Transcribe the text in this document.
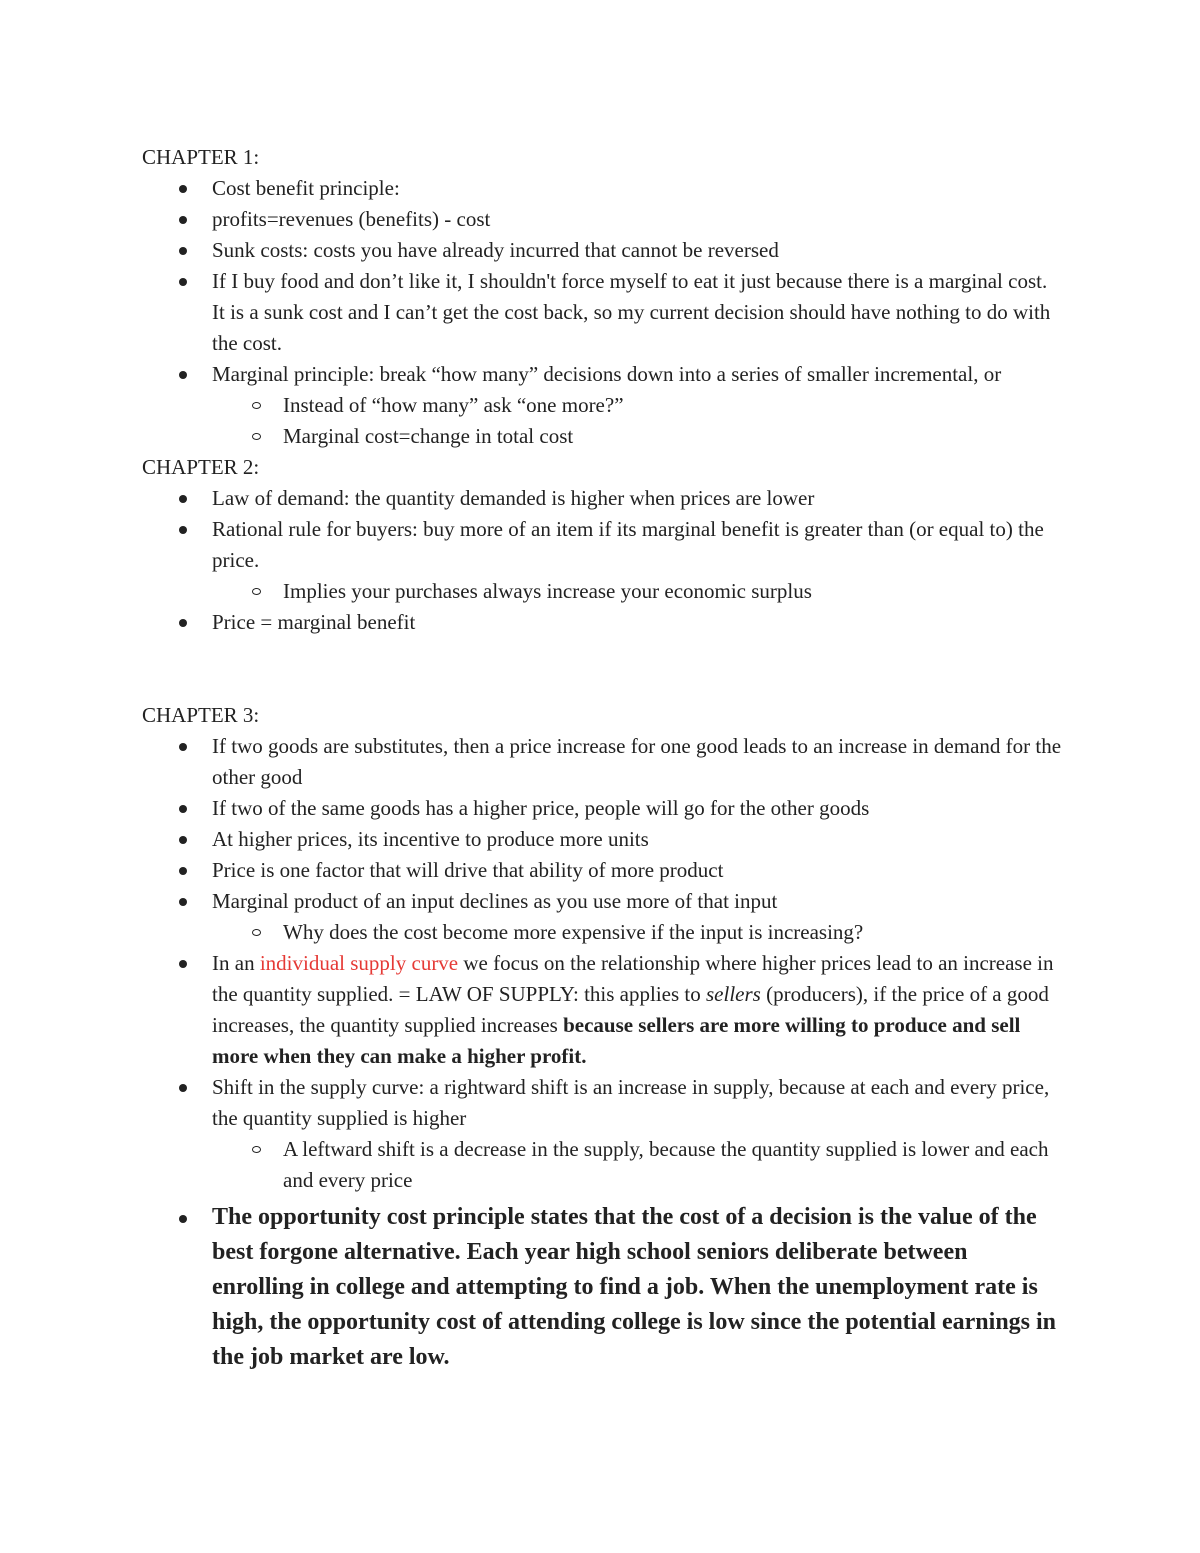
CHAPTER 1:

Cost benefit principle:
profits=revenues (benefits) - cost
Sunk costs: costs you have already incurred that cannot be reversed
If I buy food and don’t like it, I shouldn't force myself to eat it just because there is a marginal cost. It is a sunk cost and I can’t get the cost back, so my current decision should have nothing to do with the cost.
Marginal principle: break “how many” decisions down into a series of smaller incremental, or
Instead of “how many” ask “one more?”
Marginal cost=change in total cost

CHAPTER 2:

Law of demand: the quantity demanded is higher when prices are lower
Rational rule for buyers: buy more of an item if its marginal benefit is greater than (or equal to) the price.
Implies your purchases always increase your economic surplus
Price = marginal benefit

CHAPTER 3:

If two goods are substitutes, then a price increase for one good leads to an increase in demand for the other good
If two of the same goods has a higher price, people will go for the other goods
At higher prices, its incentive to produce more units
Price is one factor that will drive that ability of more product
Marginal product of an input declines as you use more of that input
Why does the cost become more expensive if the input is increasing?
In an individual supply curve we focus on the relationship where higher prices lead to an increase in the quantity supplied. = LAW OF SUPPLY: this applies to sellers (producers), if the price of a good increases, the quantity supplied increases because sellers are more willing to produce and sell more when they can make a higher profit.
Shift in the supply curve: a rightward shift is an increase in supply, because at each and every price, the quantity supplied is higher
A leftward shift is a decrease in the supply, because the quantity supplied is lower and each and every price
The opportunity cost principle states that the cost of a decision is the value of the best forgone alternative. Each year high school seniors deliberate between enrolling in college and attempting to find a job. When the unemployment rate is high, the opportunity cost of attending college is low since the potential earnings in the job market are low.
